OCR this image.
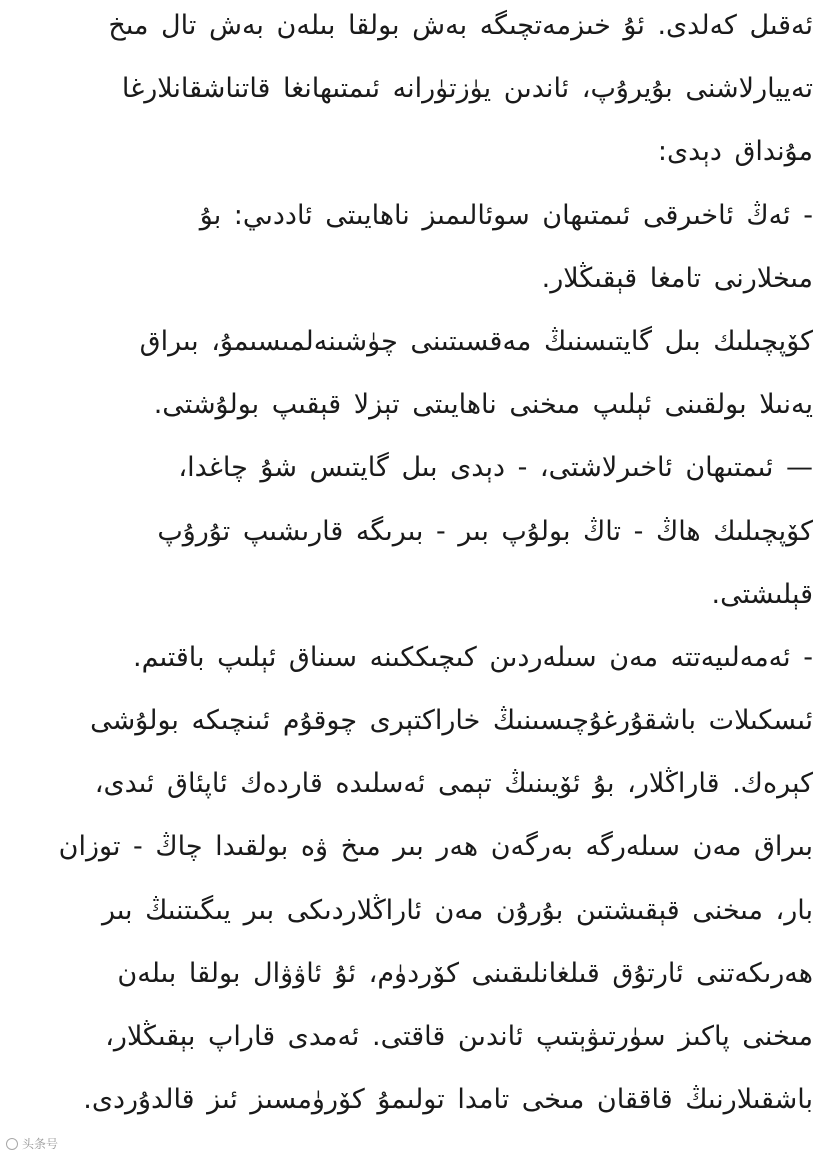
ئەقىل كەلدى. ئۇ خىزمەتچىگە بەش بولقا بىلەن بەش تال مىخ
تەييارلاشنى بۇيرۇپ، ئاندىن يۈزتۈرانە ئىمتىھانغا قاتناشقانلارغا
مۇنداق دېدى:
- ئەڭ ئاخىرقى ئىمتىھان سوئالىمىز ناھايىتى ئاددىي: بۇ
مىخلارنى تامغا قېقىڭلار.
كۆپچىلىك بىل گايتىسنىڭ مەقسىتىنى چۈشىنەلمىسىمۇ، بىراق
يەنىلا بولقىنى ئېلىپ مىخنى ناھايىتى تېزلا قېقىپ بولۇشتى.
— ئىمتىھان ئاخىرلاشتى، - دېدى بىل گايتىس شۇ چاغدا،
كۆپچىلىك ھاڭ - تاڭ بولۇپ بىر - بىرىگە قارىشىپ تۇرۇپ
قېلىشتى.
- ئەمەلىيەتتە مەن سىلەردىن كىچىككىنە سىناق ئېلىپ باقتىم.
ئىسكىلات باشقۇرغۇچىسىنىڭ خاراكتېرى چوقۇم ئىنچىكە بولۇشى
كېرەك. قاراڭلار، بۇ ئۆيىنىڭ تېمى ئەسلىدە قاردەك ئاپئاق ئىدى،
بىراق مەن سىلەرگە بەرگەن ھەر بىر مىخ ۋە بولقىدا چاڭ - توزان
بار، مىخنى قېقىشتىن بۇرۇن مەن ئاراڭلاردىكى بىر يىگىتنىڭ بىر
ھەرىكەتنى ئارتۇق قىلغانلىقىنى كۆردۈم، ئۇ ئاۋۋال بولقا بىلەن
مىخنى پاكىز سۈرتىۋېتىپ ئاندىن قاقتى. ئەمدى قاراپ بېقىڭلار،
باشقىلارنىڭ قاققان مىخى تامدا تولىمۇ كۆرۈمسىز ئىز قالدۇردى.
头条号
